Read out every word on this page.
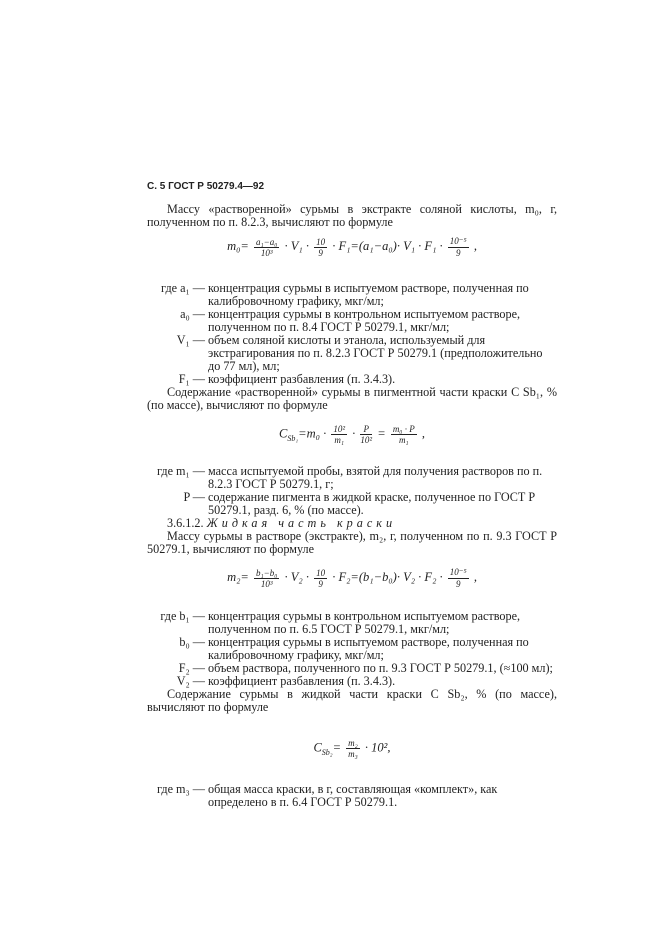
С. 5 ГОСТ Р 50279.4—92
Массу «растворенной» сурьмы в экстракте соляной кислоты, m₀, г, полученном по п. 8.2.3, вычисляют по формуле
$m_0= \frac{\text{a₁−a₀}}{\text{10³}} \cdot V_1 \cdot \frac{10}{9} \cdot F_1=(a_1-a_0)\cdot V_1 \cdot F_1 \cdot \frac{\text{10⁻⁵}}{9}$ ,
где a₁ — концентрация сурьмы в испытуемом растворе, полученная по калибровочному графику, мкг/мл;
a₀ — концентрация сурьмы в контрольном испытуемом растворе, полученном по п. 8.4 ГОСТ Р 50279.1, мкг/мл;
V₁ — объем соляной кислоты и этанола, используемый для экстрагирования по п. 8.2.3 ГОСТ Р 50279.1 (предположительно до 77 мл), мл;
F₁ — коэффициент разбавления (п. 3.4.3).
Содержание «растворенной» сурьмы в пигментной части краски C Sb₁, % (по массе), вычисляют по формуле
$C_{Sb_1}=m_0 \cdot \frac{\text{10²}}{\text{m₁}} \cdot \frac{P}{\text{10²}} = \frac{\text{m₀ · P}}{\text{m₁}}$ ,
где m₁ — масса испытуемой пробы, взятой для получения растворов по п. 8.2.3 ГОСТ Р 50279.1, г;
P — содержание пигмента в жидкой краске, полученное по ГОСТ Р 50279.1, разд. 6, % (по массе).
3.6.1.2. Жидкая часть краски
Массу сурьмы в растворе (экстракте), m₂, г, полученном по п. 9.3 ГОСТ Р 50279.1, вычисляют по формуле
$m_2= \frac{\text{b₁−b₀}}{\text{10³}} \cdot V_2 \cdot \frac{10}{9} \cdot F_2=(b_1-b_0)\cdot V_2 \cdot F_2 \cdot \frac{\text{10⁻⁵}}{9}$ ,
где b₁ — концентрация сурьмы в контрольном испытуемом растворе, полученном по п. 6.5 ГОСТ Р 50279.1, мкг/мл;
b₀ — концентрация сурьмы в испытуемом растворе, полученная по калибровочному графику, мкг/мл;
F₂ — объем раствора, полученного по п. 9.3 ГОСТ Р 50279.1, (≈100 мл);
V₂ — коэффициент разбавления (п. 3.4.3).
Содержание сурьмы в жидкой части краски C Sb₂, % (по массе), вычисляют по формуле
$C_{Sb_2}= \frac{\text{m₂}}{\text{m₃}} \cdot 10^2$,
где m₃ — общая масса краски, в г, составляющая «комплект», как определено в п. 6.4 ГОСТ Р 50279.1.
